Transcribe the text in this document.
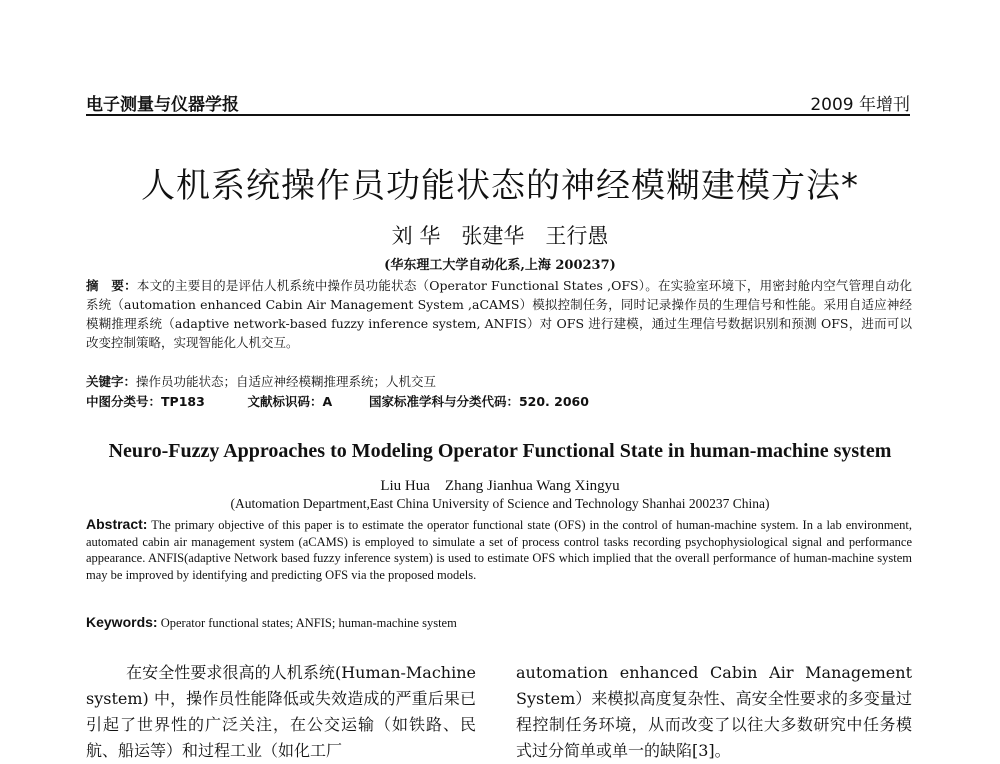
电子测量与仪器学报	2009 年增刊
人机系统操作员功能状态的神经模糊建模方法*
刘 华　张建华　王行愚
(华东理工大学自动化系,上海 200237)
摘　要：本文的主要目的是评估人机系统中操作员功能状态（Operator Functional States ,OFS）。在实验室环境下，用密封舱内空气管理自动化系统（automation enhanced Cabin Air Management System ,aCAMS）模拟控制任务，同时记录操作员的生理信号和性能。采用自适应神经模糊推理系统（adaptive network-based fuzzy inference system, ANFIS）对 OFS 进行建模，通过生理信号数据识别和预测 OFS，进而可以改变控制策略，实现智能化人机交互。
关键字：操作员功能状态；自适应神经模糊推理系统；人机交互
中图分类号：TP183	文献标识码：A	国家标准学科与分类代码：520. 2060
Neuro-Fuzzy Approaches to Modeling Operator Functional State in human-machine system
Liu Hua　Zhang Jianhua Wang Xingyu
(Automation Department,East China University of Science and Technology Shanhai 200237 China)
Abstract: The primary objective of this paper is to estimate the operator functional state (OFS) in the control of human-machine system. In a lab environment, automated cabin air management system (aCAMS) is employed to simulate a set of process control tasks recording psychophysiological signal and performance appearance. ANFIS(adaptive Network based fuzzy inference system) is used to estimate OFS which implied that the overall performance of human-machine system may be improved by identifying and predicting OFS via the proposed models.
Keywords: Operator functional states; ANFIS; human-machine system
在安全性要求很高的人机系统(Human-Machine system) 中，操作员性能降低或失效造成的严重后果已引起了世界性的广泛关注，在公交运输（如铁路、民航、船运等）和过程工业（如化工厂
automation enhanced Cabin Air Management System）来模拟高度复杂性、高安全性要求的多变量过程控制任务环境，从而改变了以往大多数研究中任务模式过分简单或单一的缺陷[3]。
